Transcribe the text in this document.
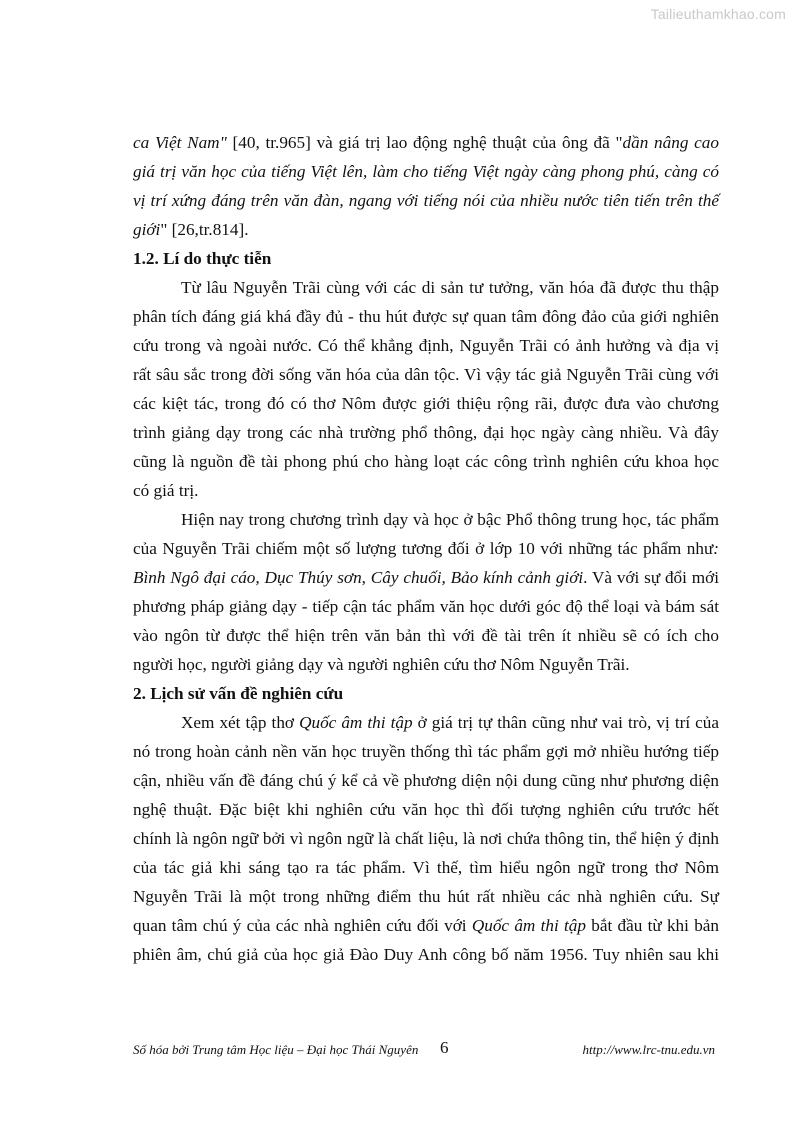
Tailieuthamkhao.com
ca Việt Nam" [40, tr.965] và giá trị lao động nghệ thuật của ông đã "dần nâng cao
giá trị văn học của tiếng Việt lên, làm cho tiếng Việt ngày càng phong phú, càng có
vị trí xứng đáng trên văn đàn, ngang với tiếng nói của nhiều nước tiên tiến trên thế
giới" [26,tr.814].
1.2. Lí do thực tiễn
Từ lâu Nguyễn Trãi cùng với các di sản tư tưởng, văn hóa đã được thu thập
phân tích đáng giá khá đầy đủ - thu hút được sự quan tâm đông đảo của giới nghiên
cứu trong và ngoài nước. Có thể khẳng định, Nguyễn Trãi có ảnh hưởng và địa vị
rất sâu sắc trong đời sống văn hóa của dân tộc. Vì vậy tác giả Nguyễn Trãi cùng với
các kiệt tác, trong đó có thơ Nôm được giới thiệu rộng rãi, được đưa vào chương
trình giảng dạy trong các nhà trường phổ thông, đại học ngày càng nhiều. Và đây
cũng là nguồn đề tài phong phú cho hàng loạt các công trình nghiên cứu khoa học
có giá trị.
Hiện nay trong chương trình dạy và học ở bậc Phổ thông trung học, tác phẩm
của Nguyễn Trãi chiếm một số lượng tương đối ở lớp 10 với những tác phẩm như:
Bình Ngô đại cáo, Dục Thúy sơn, Cây chuối, Bảo kính cảnh giới. Và với sự đổi mới
phương pháp giảng dạy - tiếp cận tác phẩm văn học dưới góc độ thể loại và bám sát
vào ngôn từ được thể hiện trên văn bản thì với đề tài trên ít nhiều sẽ có ích cho
người học, người giảng dạy và người nghiên cứu thơ Nôm Nguyễn Trãi.
2. Lịch sử vấn đề nghiên cứu
Xem xét tập thơ Quốc âm thi tập ở giá trị tự thân cũng như vai trò, vị trí của
nó trong hoàn cảnh nền văn học truyền thống thì tác phẩm gợi mở nhiều hướng tiếp
cận, nhiều vấn đề đáng chú ý kể cả về phương diện nội dung cũng như phương diện
nghệ thuật. Đặc biệt khi nghiên cứu văn học thì đối tượng nghiên cứu trước hết
chính là ngôn ngữ bởi vì ngôn ngữ là chất liệu, là nơi chứa thông tin, thể hiện ý định
của tác giả khi sáng tạo ra tác phẩm. Vì thế, tìm hiểu ngôn ngữ trong thơ Nôm
Nguyễn Trãi là một trong những điểm thu hút rất nhiều các nhà nghiên cứu. Sự
quan tâm chú ý của các nhà nghiên cứu đối với Quốc âm thi tập bắt đầu từ khi bản
phiên âm, chú giả của học giả Đào Duy Anh công bố năm 1956. Tuy nhiên sau khi
Số hóa bởi Trung tâm Học liệu – Đại học Thái Nguyên 6	http://www.lrc-tnu.edu.vn
